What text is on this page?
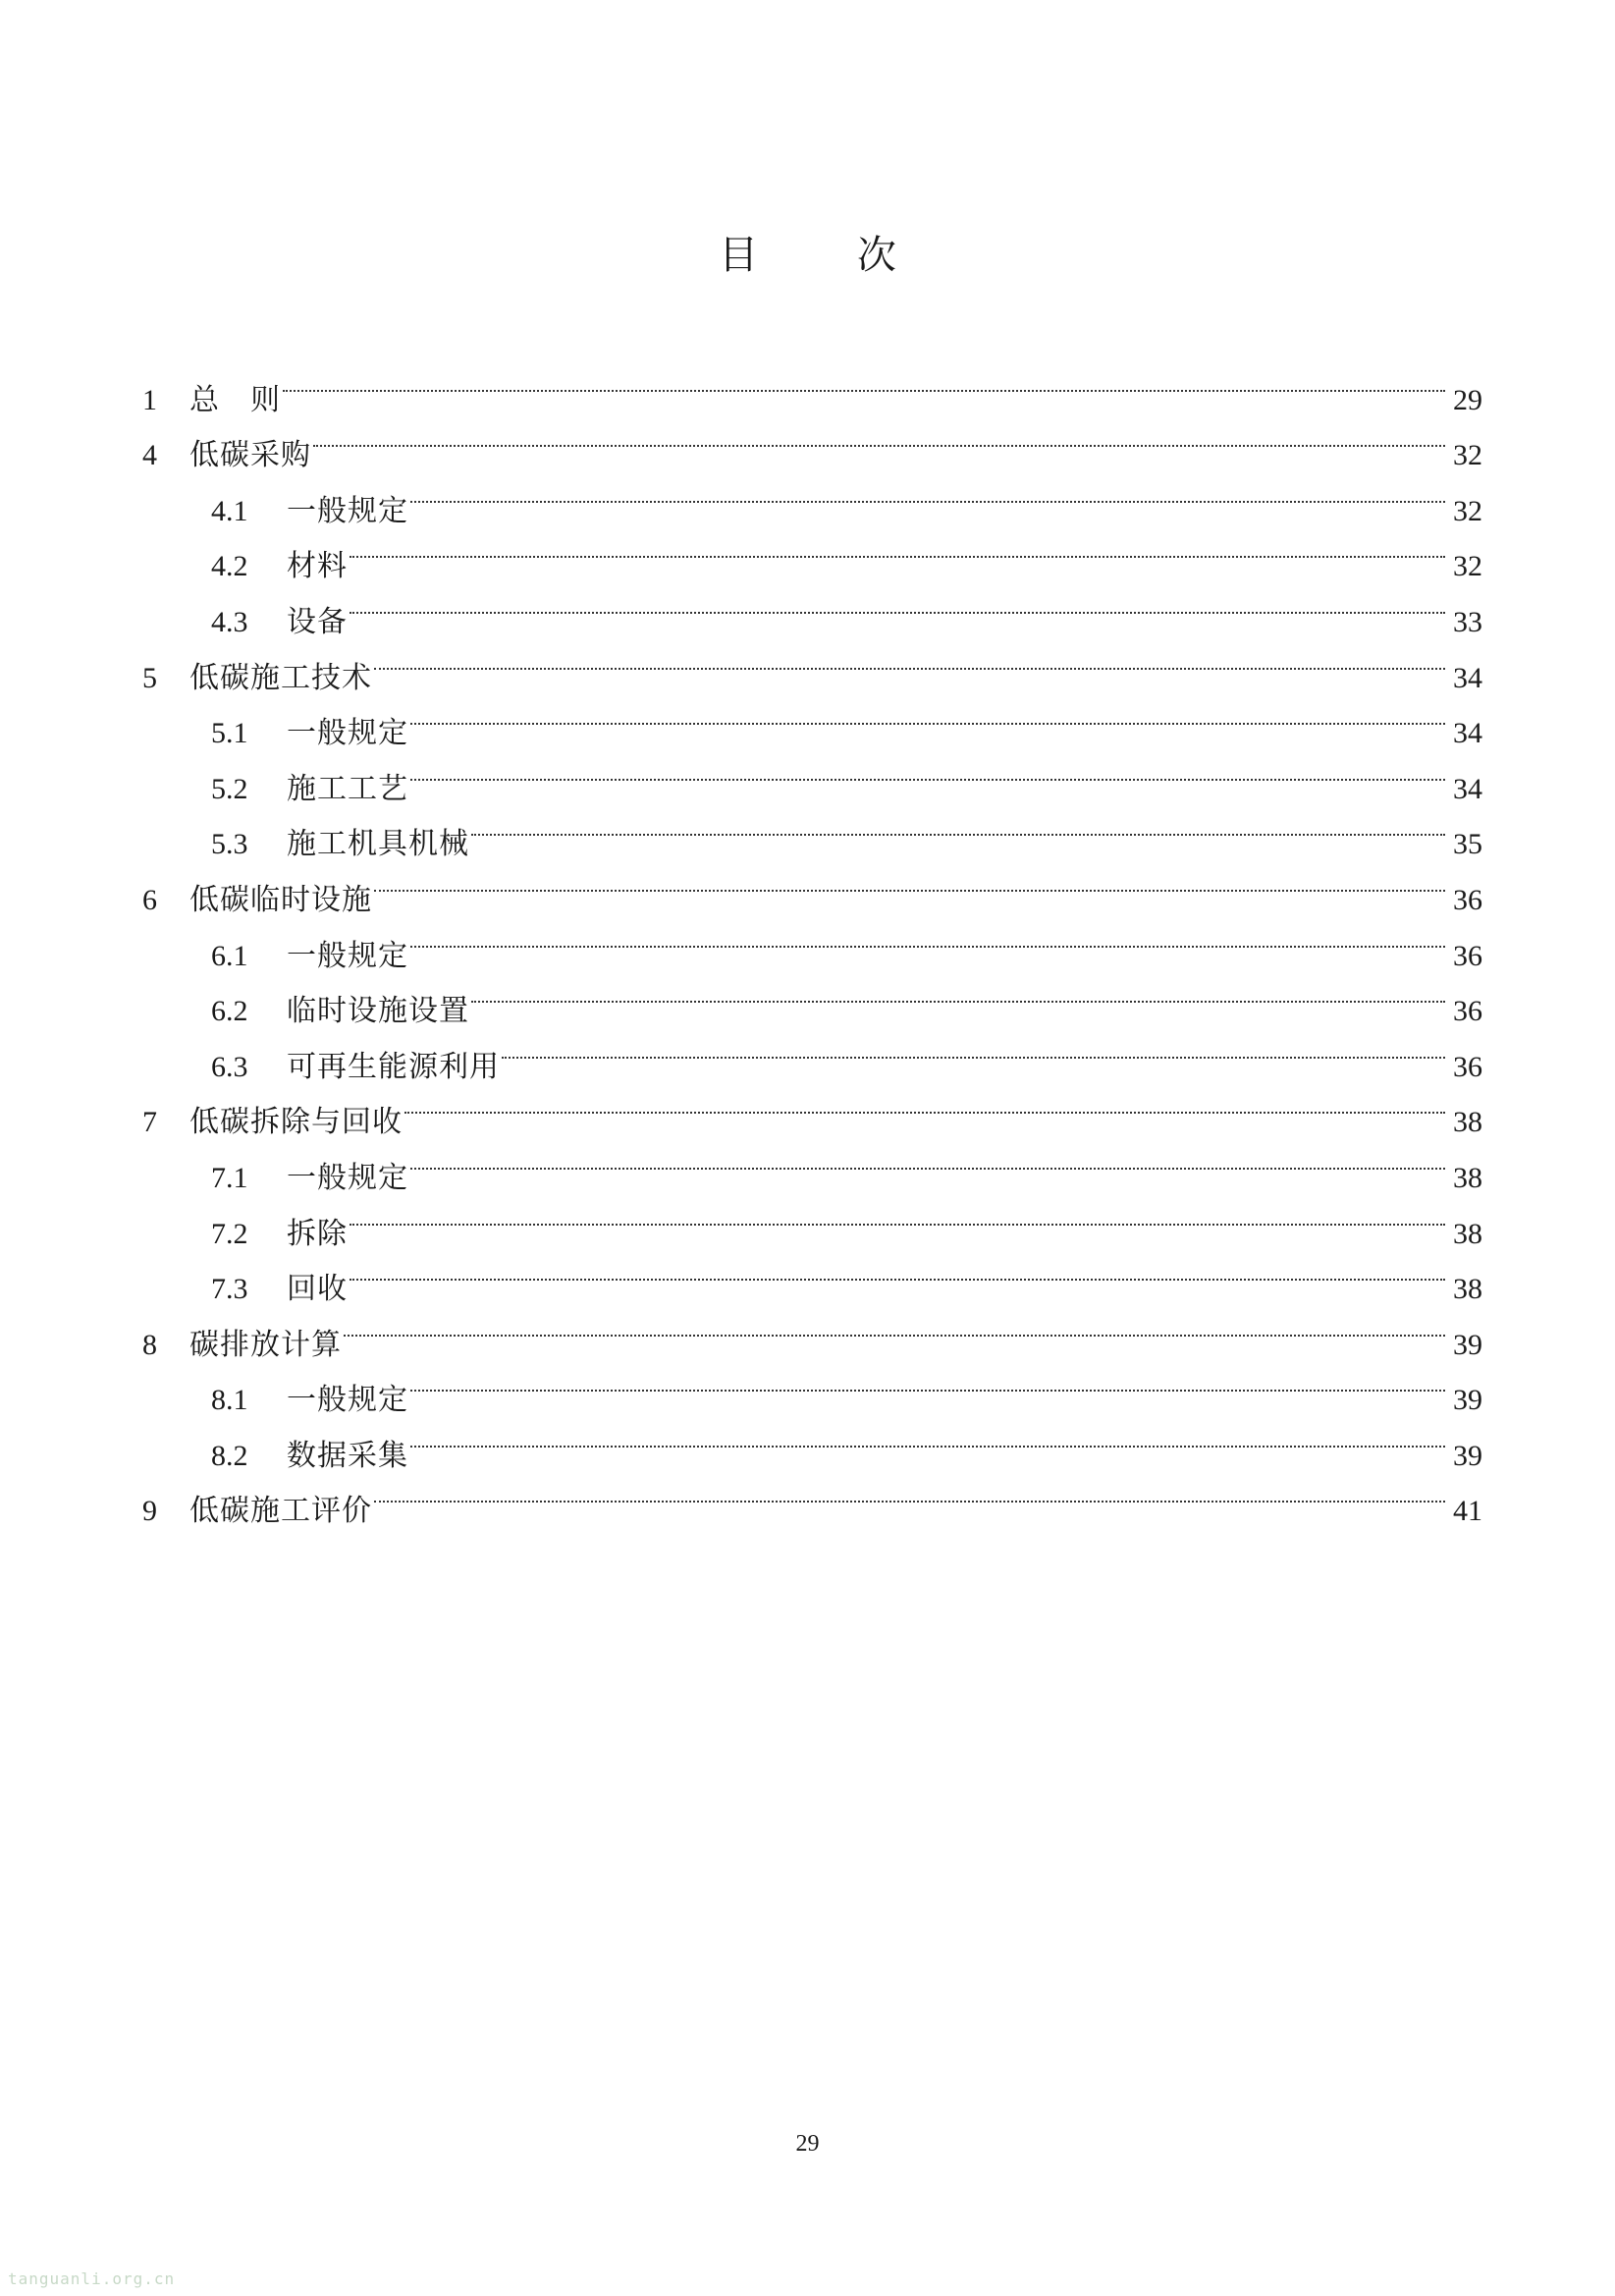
目 次
1	总　则	29
4	低碳采购	32
4.1	一般规定	32
4.2	材料	32
4.3	设备	33
5	低碳施工技术	34
5.1	一般规定	34
5.2	施工工艺	34
5.3	施工机具机械	35
6	低碳临时设施	36
6.1	一般规定	36
6.2	临时设施设置	36
6.3	可再生能源利用	36
7	低碳拆除与回收	38
7.1	一般规定	38
7.2	拆除	38
7.3	回收	38
8	碳排放计算	39
8.1	一般规定	39
8.2	数据采集	39
9	低碳施工评价	41
29
tanguanli.org.cn
